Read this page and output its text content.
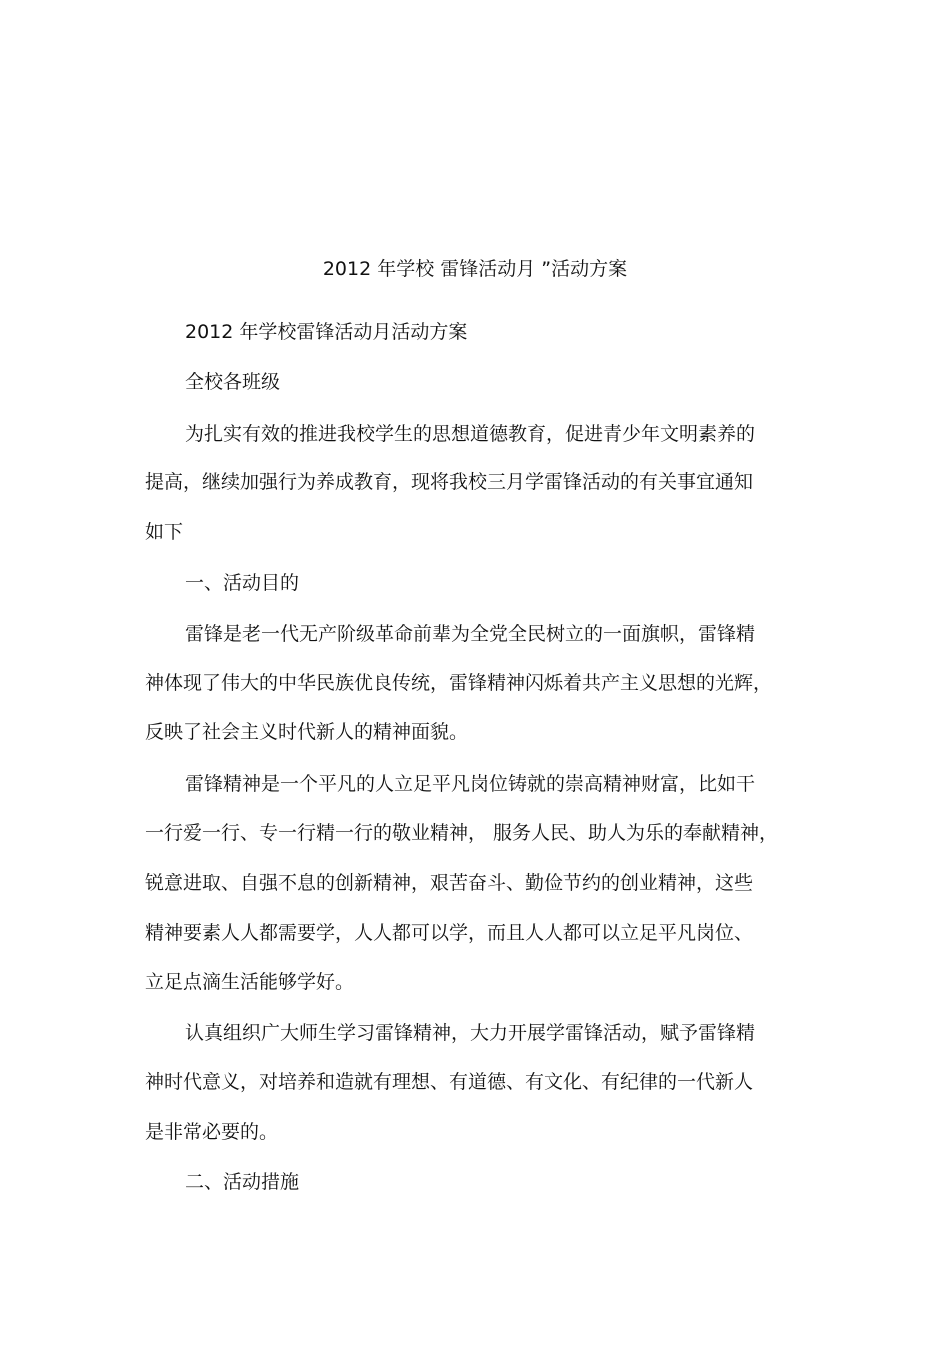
2012 年学校 雷锋活动月 ”活动方案
2012 年学校雷锋活动月活动方案
全校各班级
为扎实有效的推进我校学生的思想道德教育，促进青少年文明素养的
提高，继续加强行为养成教育，现将我校三月学雷锋活动的有关事宜通知
如下
一、活动目的
雷锋是老一代无产阶级革命前辈为全党全民树立的一面旗帜，雷锋精
神体现了伟大的中华民族优良传统，雷锋精神闪烁着共产主义思想的光辉，
反映了社会主义时代新人的精神面貌。
雷锋精神是一个平凡的人立足平凡岗位铸就的崇高精神财富，比如干
一行爱一行、专一行精一行的敬业精神， 服务人民、助人为乐的奉献精神，
锐意进取、自强不息的创新精神，艰苦奋斗、勤俭节约的创业精神，这些
精神要素人人都需要学，人人都可以学，而且人人都可以立足平凡岗位、
立足点滴生活能够学好。
认真组织广大师生学习雷锋精神，大力开展学雷锋活动，赋予雷锋精
神时代意义，对培养和造就有理想、有道德、有文化、有纪律的一代新人
是非常必要的。
二、活动措施
